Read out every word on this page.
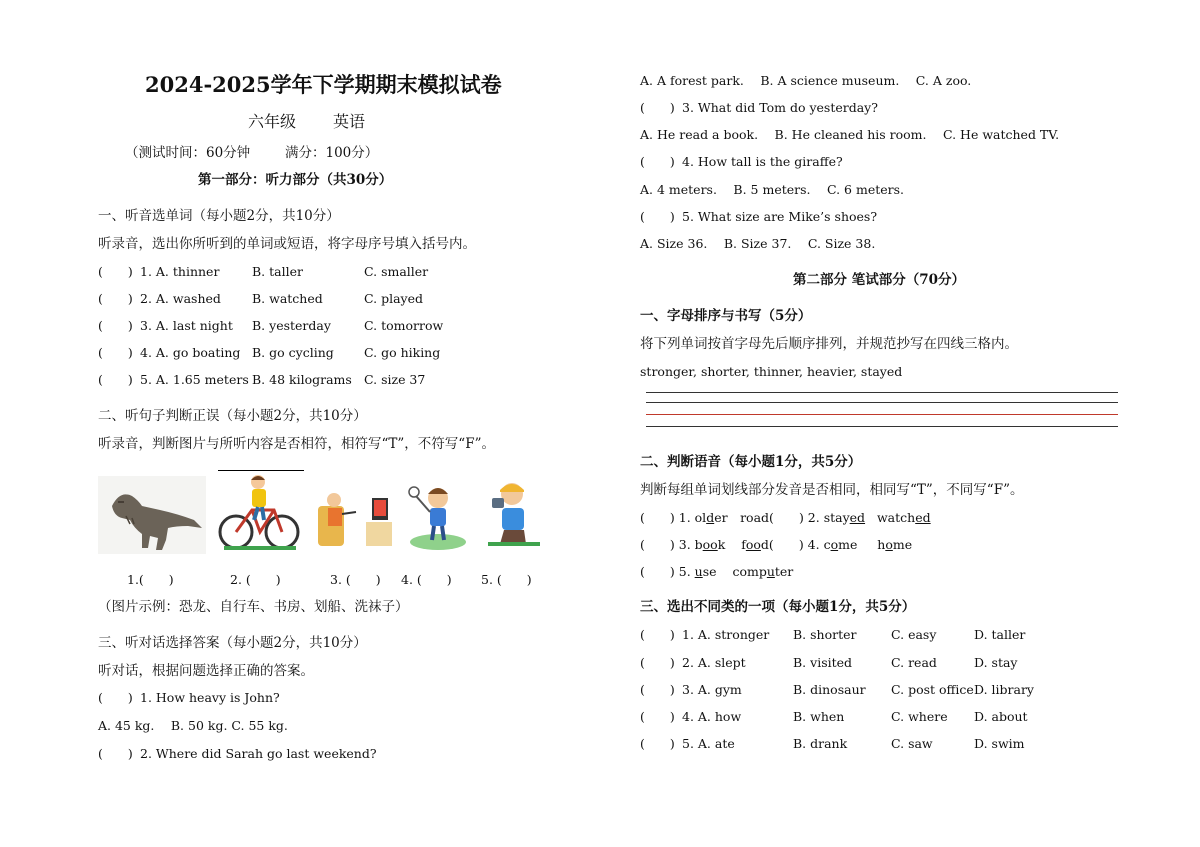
2024-2025学年下学期期末模拟试卷
六年级 英语
（测试时间：60分钟	满分：100分）
第一部分：听力部分（共30分）
一、听音选单词（每小题2分，共10分）
听录音，选出你所听到的单词或短语，将字母序号填入括号内。
(　　) 1. A. thinner	B. taller	C. smaller
(　　) 2. A. washed B. watched	C. played
(　　) 3. A. last night B. yesterday	C. tomorrow
(　　) 4. A. go boating B. go cycling C. go hiking
(　　) 5. A. 1.65 meters B. 48 kilograms C. size 37
二、听句子判断正误（每小题2分，共10分）
听录音，判断图片与所听内容是否相符，相符写“T”，不符写“F”。
1.(　　)	2. (　　)	3. (　　) 4. (　　) 5. (　　)
（图片示例：恐龙、自行车、书房、划船、洗袜子）
三、听对话选择答案（每小题2分，共10分）
听对话，根据问题选择正确的答案。
(　　) 1. How heavy is John?
A. 45 kg.　 B. 50 kg. C. 55 kg.
(　　) 2. Where did Sarah go last weekend?
A. A forest park.　 B. A science museum.　 C. A zoo.
(　　) 3. What did Tom do yesterday?
A. He read a book.　 B. He cleaned his room.　 C. He watched TV.
(　　) 4. How tall is the giraffe?
A. 4 meters.　 B. 5 meters.　 C. 6 meters.
(　　) 5. What size are Mike’s shoes?
A. Size 36.　 B. Size 37.　 C. Size 38.
第二部分 笔试部分（70分）
一、字母排序与书写（5分）
将下列单词按首字母先后顺序排列，并规范抄写在四线三格内。
stronger, shorter, thinner, heavier, stayed
二、判断语音（每小题1分，共5分）
判断每组单词划线部分发音是否相同，相同写“T”，不同写“F”。
(　　) 1. older　road(　　) 2. stayed watched
(　　) 3. book food(　　) 4. come home
(　　) 5. use computer
三、选出不同类的一项（每小题1分，共5分）
(　　) 1. A. stronger B. shorter	C. easy	D. taller
(　　) 2. A. slept	B. visited	C. read	D. stay
(　　) 3. A. gym	B. dinosaur C. post office D. library
(　　) 4. A. how	B. when	C. where D. about
(　　) 5. A. ate	B. drank	C. saw	D. swim
